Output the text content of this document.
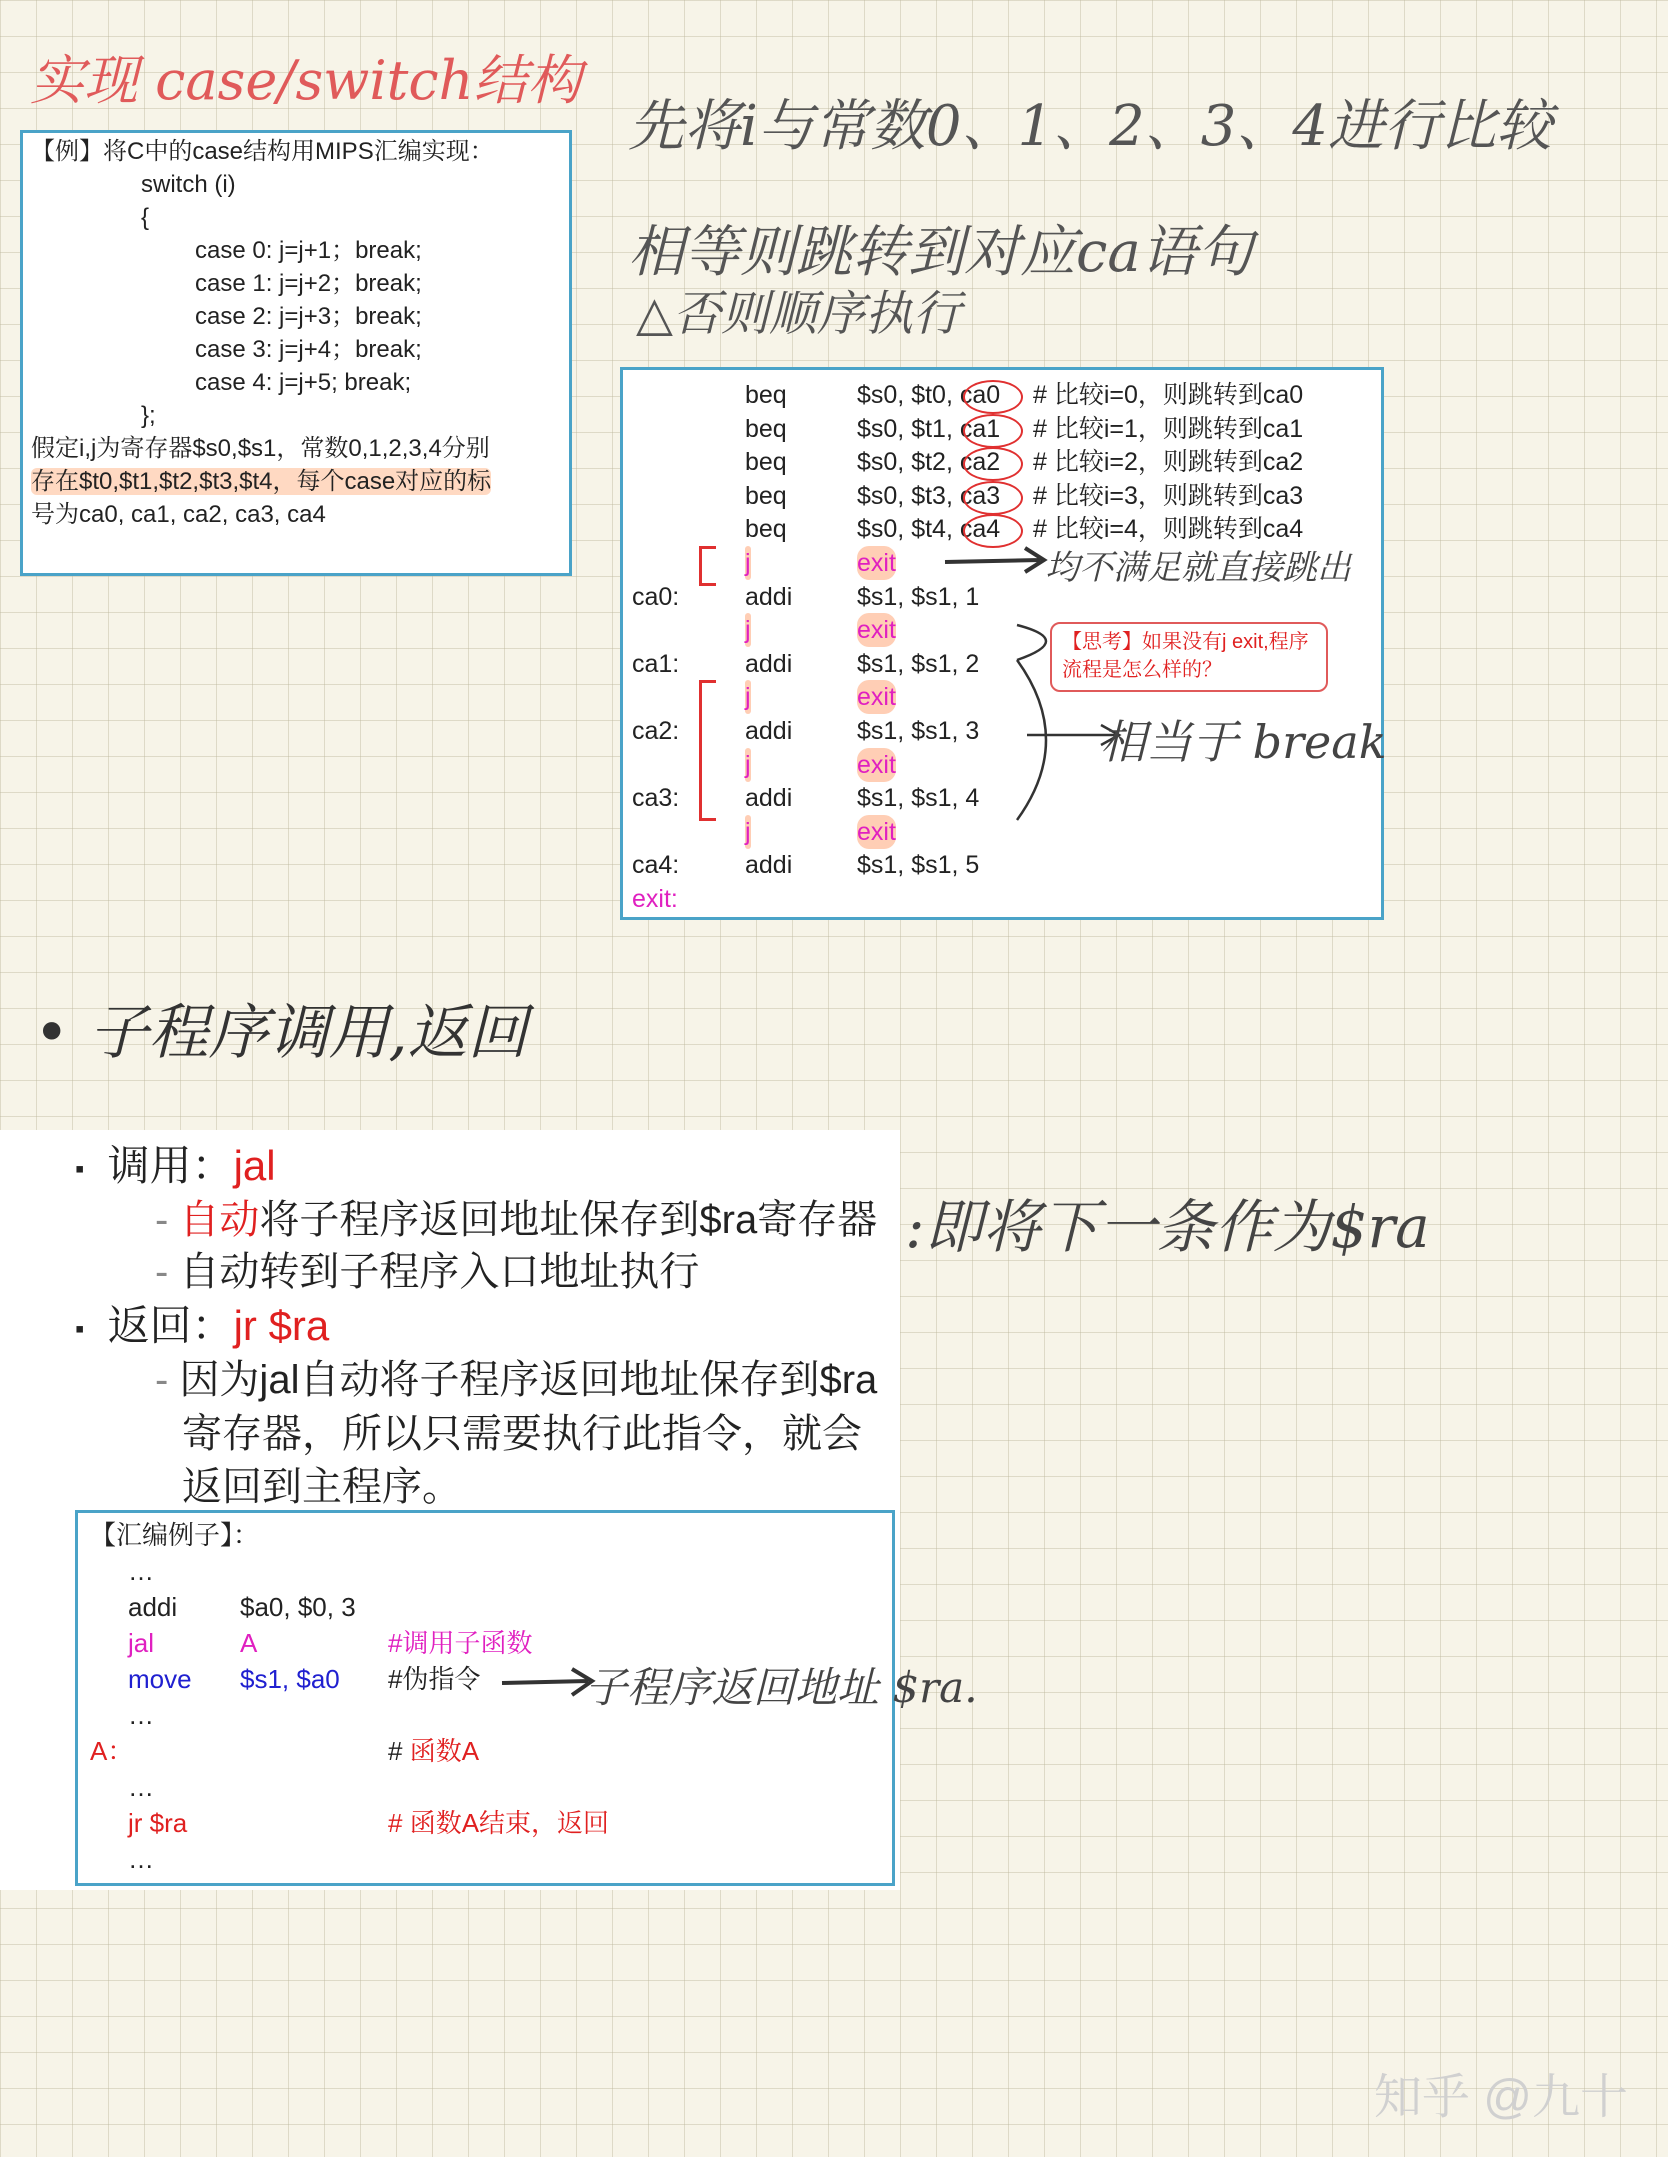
实现 case/switch结构
先将i与常数0、1、2、3、4进行比较
相等则跳转到对应ca语句
△否则顺序执行
【例】将C中的case结构用MIPS汇编实现：
switch (i)
{
case 0: j=j+1；break;
case 1: j=j+2；break;
case 2: j=j+3；break;
case 3: j=j+4；break;
case 4: j=j+5; break;
};
假定i,j为寄存器$s0,$s1，常数0,1,2,3,4分别
存在$t0,$t1,$t2,$t3,$t4，每个case对应的标
号为ca0, ca1, ca2, ca3, ca4
beq	$s0, $t0, ca0 # 比较i=0，则跳转到ca0
beq	$s0, $t1, ca1 # 比较i=1，则跳转到ca1
beq	$s0, $t2, ca2 # 比较i=2，则跳转到ca2
beq	$s0, $t3, ca3 # 比较i=3，则跳转到ca3
beq	$s0, $t4, ca4 # 比较i=4，则跳转到ca4
j	exit
ca0:	addi	$s1, $s1, 1
j	exit
ca1:	addi	$s1, $s1, 2
j	exit
ca2:	addi	$s1, $s1, 3
j	exit
ca3:	addi	$s1, $s1, 4
j	exit
ca4:	addi	$s1, $s1, 5
exit:
均不满足就直接跳出
【思考】如果没有j exit,程序流程是怎么样的？
相当于 break
• 子程序调用,返回
▪ 调用：jal
- 自动将子程序返回地址保存到$ra寄存器
- 自动转到子程序入口地址执行
▪ 返回：jr $ra
- 因为jal自动将子程序返回地址保存到$ra
寄存器，所以只需要执行此指令，就会
返回到主程序。
:即将下一条作为$ra
【汇编例子】：
…
addi $a0, $0, 3
jal	A	#调用子函数
move $s1, $a0 #伪指令
…
A：	# 函数A
…
jr $ra	# 函数A结束，返回
…
子程序返回地址 $ra.
知乎 @九十
